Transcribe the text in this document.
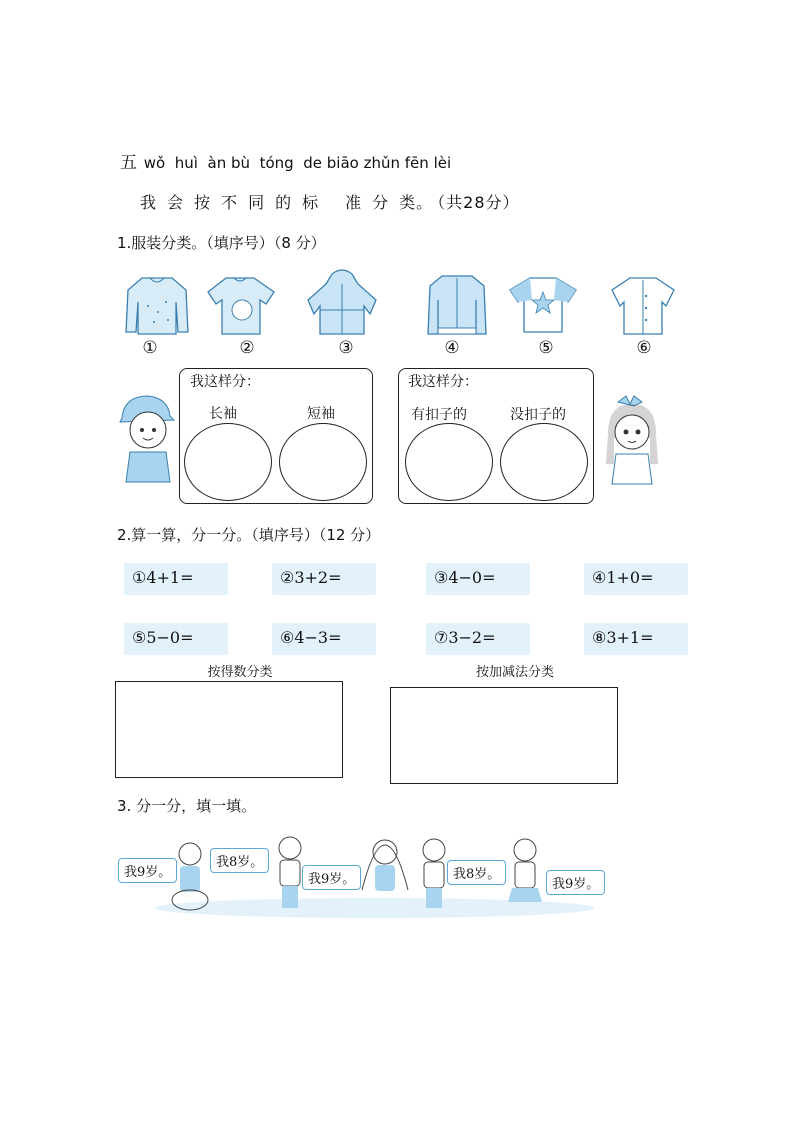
五 wǒ huì àn bù tóng de biāo zhǔn fēn lèi
我 会 按 不 同 的 标 准 分 类。 （共28分）
1.服装分类。（填序号）（8 分）
①	②	③	④	⑤	⑥
我这样分：
长袖	短袖
我这样分：
有扣子的	没扣子的
2.算一算，分一分。（填序号）（12 分）
①4+1=	②3+2=	③4−0=	④1+0=
⑤5−0=	⑥4−3=	⑦3−2=	⑧3+1=
按得数分类	按加减法分类
3. 分一分，填一填。
我9岁。
我8岁。
我9岁。	我8岁。
我9岁。
